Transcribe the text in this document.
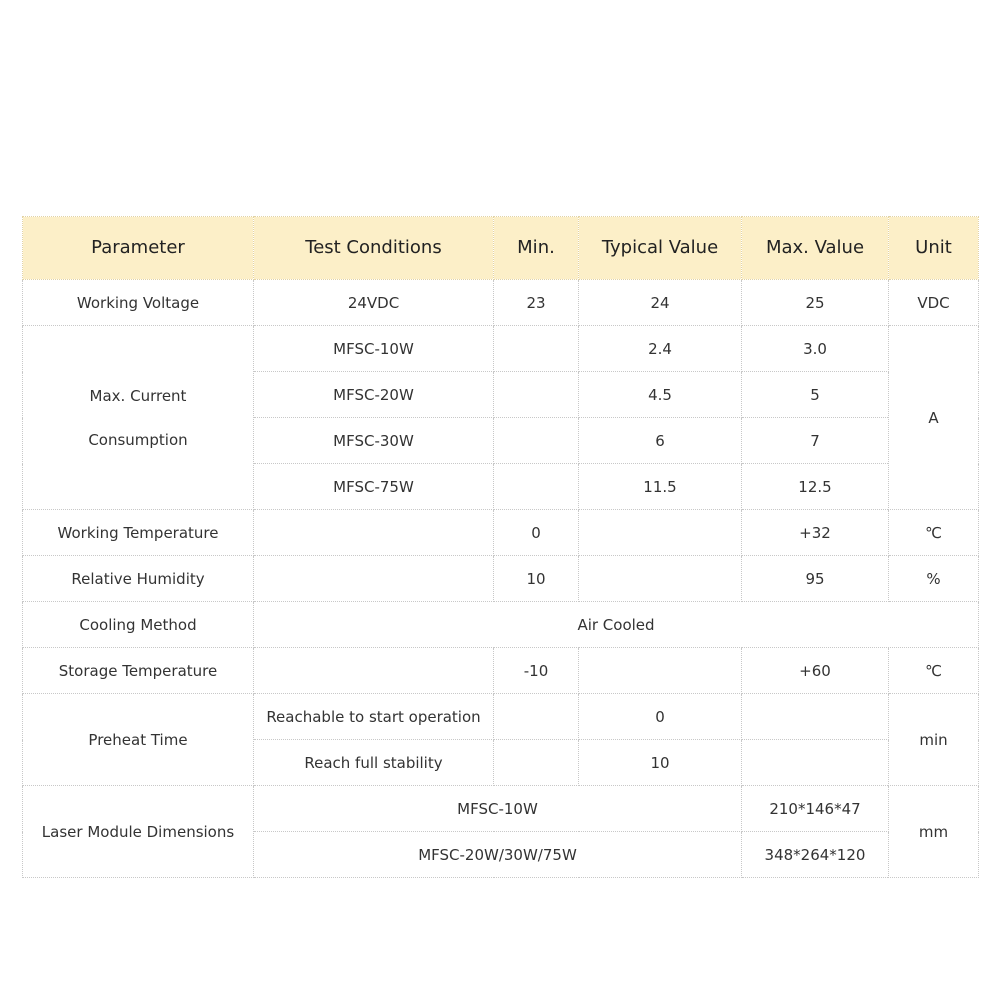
Parameter	Test Conditions	Min.	Typical Value	Max. Value	Unit
Working Voltage	24VDC	23	24	25	VDC

Max. Current
Consumption	MFSC-10W		2.4	3.0	A
	MFSC-20W		4.5	5	
	MFSC-30W		6	7	
	MFSC-75W		11.5	12.5	
Working Temperature		0		+32	℃
Relative Humidity		10		95	%
Cooling Method	Air Cooled				
Storage Temperature		-10		+60	℃
Preheat Time	Reachable to start operation		0		min
	Reach full stability		10		
Laser Module Dimensions	MFSC-10W			210*146*47	mm
	MFSC-20W/30W/75W			348*264*120	
